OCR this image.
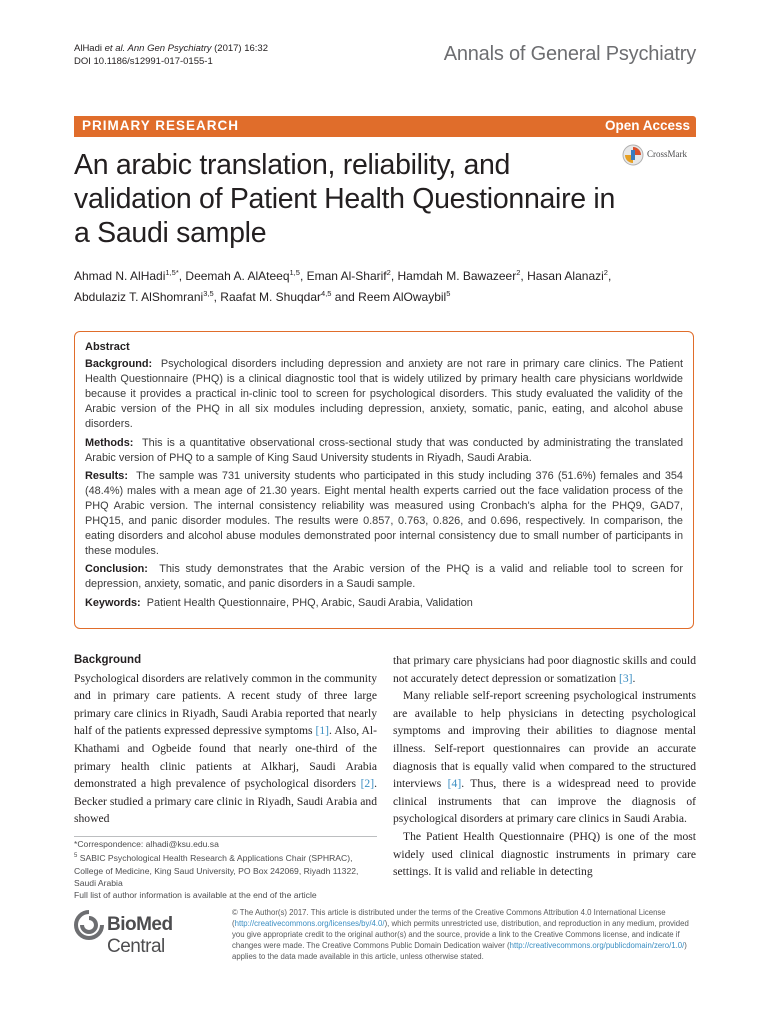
AlHadi et al. Ann Gen Psychiatry (2017) 16:32
DOI 10.1186/s12991-017-0155-1	Annals of General Psychiatry
PRIMARY RESEARCH	Open Access
CrossMark
An arabic translation, reliability, and validation of Patient Health Questionnaire in a Saudi sample
Ahmad N. AlHadi$^{1,5*}$, Deemah A. AlAteeq$^{1,5}$, Eman Al‑Sharif$^2$, Hamdah M. Bawazeer$^2$, Hasan Alanazi$^2$,
Abdulaziz T. AlShomrani$^{3,5}$, Raafat M. Shuqdar$^{4,5}$ and Reem AlOwaybil$^5$
Abstract

Background: Psychological disorders including depression and anxiety are not rare in primary care clinics. The Patient Health Questionnaire (PHQ) is a clinical diagnostic tool that is widely utilized by primary health care physicians worldwide because it provides a practical in-clinic tool to screen for psychological disorders. This study evaluated the validity of the Arabic version of the PHQ in all six modules including depression, anxiety, somatic, panic, eating, and alcohol abuse disorders.

Methods: This is a quantitative observational cross-sectional study that was conducted by administrating the translated Arabic version of PHQ to a sample of King Saud University students in Riyadh, Saudi Arabia.

Results: The sample was 731 university students who participated in this study including 376 (51.6%) females and 354 (48.4%) males with a mean age of 21.30 years. Eight mental health experts carried out the face validation process of the PHQ Arabic version. The internal consistency reliability was measured using Cronbach's alpha for the PHQ9, GAD7, PHQ15, and panic disorder modules. The results were 0.857, 0.763, 0.826, and 0.696, respectively. In comparison, the eating disorders and alcohol abuse modules demonstrated poor internal consistency due to small number of participants in these modules.

Conclusion: This study demonstrates that the Arabic version of the PHQ is a valid and reliable tool to screen for depression, anxiety, somatic, and panic disorders in a Saudi sample.

Keywords: Patient Health Questionnaire, PHQ, Arabic, Saudi Arabia, Validation

Background

Psychological disorders are relatively common in the community and in primary care patients. A recent study of three large primary care clinics in Riyadh, Saudi Arabia reported that nearly half of the patients expressed depressive symptoms [1]. Also, Al-Khathami and Ogbeide found that nearly one-third of the primary health clinic patients at Alkharj, Saudi Arabia demonstrated a high prevalence of psychological disorders [2]. Becker studied a primary care clinic in Riyadh, Saudi Arabia and showed

that primary care physicians had poor diagnostic skills and could not accurately detect depression or somatization [3].

Many reliable self-report screening psychological instruments are available to help physicians in detecting psychological symptoms and improving their abilities to diagnose mental illness. Self-report questionnaires can provide an accurate diagnosis that is equally valid when compared to the structured interviews [4]. Thus, there is a widespread need to provide clinical instruments that can improve the diagnosis of psychological disorders at primary care clinics in Saudi Arabia.

The Patient Health Questionnaire (PHQ) is one of the most widely used clinical diagnostic instruments in primary care settings. It is valid and reliable in detecting

*Correspondence: alhadi@ksu.edu.sa
$^5$ SABIC Psychological Health Research & Applications Chair (SPHRAC), College of Medicine, King Saud University, PO Box 242069, Riyadh 11322, Saudi Arabia
Full list of author information is available at the end of the article
BioMed Central
© The Author(s) 2017. This article is distributed under the terms of the Creative Commons Attribution 4.0 International License (http://creativecommons.org/licenses/by/4.0/), which permits unrestricted use, distribution, and reproduction in any medium, provided you give appropriate credit to the original author(s) and the source, provide a link to the Creative Commons license, and indicate if changes were made. The Creative Commons Public Domain Dedication waiver (http://creativecommons.org/publicdomain/zero/1.0/) applies to the data made available in this article, unless otherwise stated.
